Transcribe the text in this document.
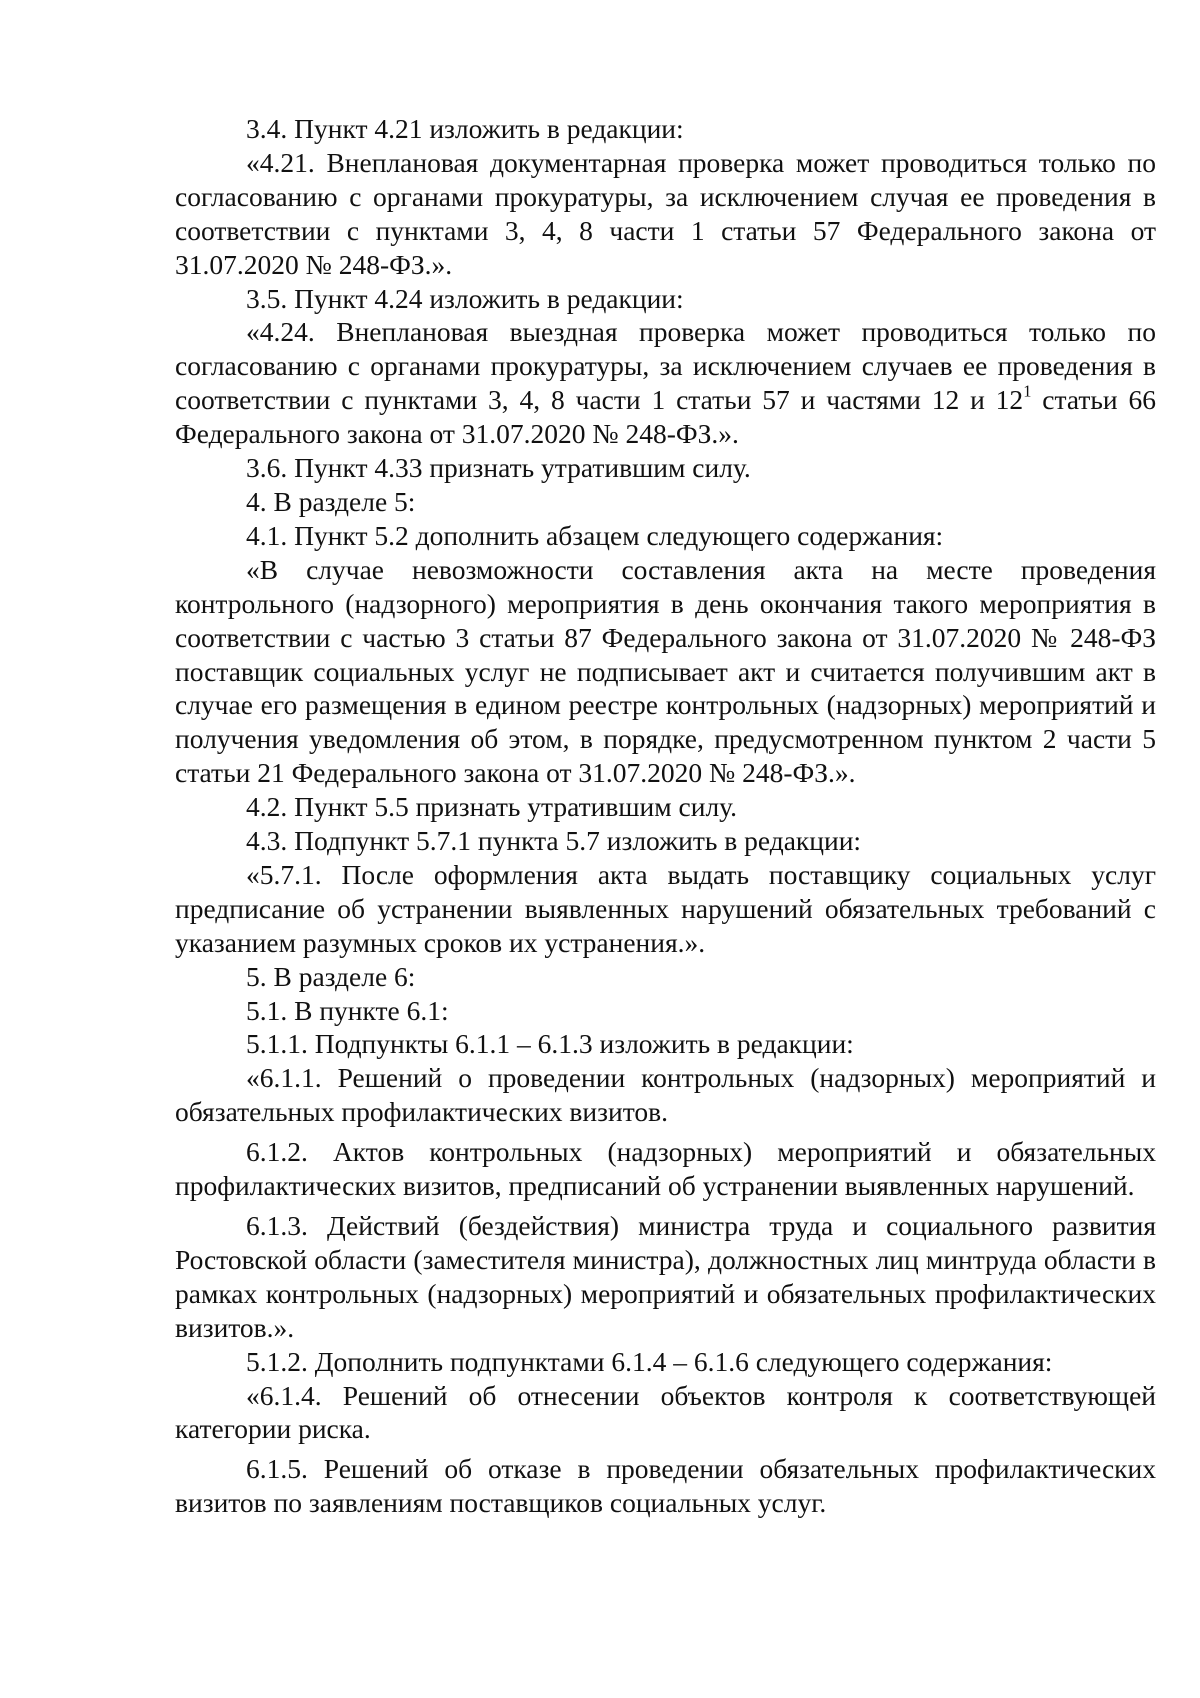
3.4. Пункт 4.21 изложить в редакции:

«4.21. Внеплановая документарная проверка может проводиться только по согласованию с органами прокуратуры, за исключением случая ее проведения в соответствии с пунктами 3, 4, 8 части 1 статьи 57 Федерального закона от 31.07.2020 № 248-ФЗ.».

3.5. Пункт 4.24 изложить в редакции:

«4.24. Внеплановая выездная проверка может проводиться только по согласованию с органами прокуратуры, за исключением случаев ее проведения в соответствии с пунктами 3, 4, 8 части 1 статьи 57 и частями 12 и $12^1$ статьи 66 Федерального закона от 31.07.2020 № 248-ФЗ.».

3.6. Пункт 4.33 признать утратившим силу.

4. В разделе 5:

4.1. Пункт 5.2 дополнить абзацем следующего содержания:

«В случае невозможности составления акта на месте проведения контрольного (надзорного) мероприятия в день окончания такого мероприятия в соответствии с частью 3 статьи 87 Федерального закона от 31.07.2020 № 248-ФЗ поставщик социальных услуг не подписывает акт и считается получившим акт в случае его размещения в едином реестре контрольных (надзорных) мероприятий и получения уведомления об этом, в порядке, предусмотренном пунктом 2 части 5 статьи 21 Федерального закона от 31.07.2020 № 248-ФЗ.».

4.2. Пункт 5.5 признать утратившим силу.

4.3. Подпункт 5.7.1 пункта 5.7 изложить в редакции:

«5.7.1. После оформления акта выдать поставщику социальных услуг предписание об устранении выявленных нарушений обязательных требований с указанием разумных сроков их устранения.».

5. В разделе 6:

5.1. В пункте 6.1:

5.1.1. Подпункты 6.1.1 – 6.1.3 изложить в редакции:

«6.1.1. Решений о проведении контрольных (надзорных) мероприятий и обязательных профилактических визитов.

6.1.2. Актов контрольных (надзорных) мероприятий и обязательных профилактических визитов, предписаний об устранении выявленных нарушений.

6.1.3. Действий (бездействия) министра труда и социального развития Ростовской области (заместителя министра), должностных лиц минтруда области в рамках контрольных (надзорных) мероприятий и обязательных профилактических визитов.».

5.1.2. Дополнить подпунктами 6.1.4 – 6.1.6 следующего содержания:

«6.1.4. Решений об отнесении объектов контроля к соответствующей категории риска.

6.1.5. Решений об отказе в проведении обязательных профилактических визитов по заявлениям поставщиков социальных услуг.
